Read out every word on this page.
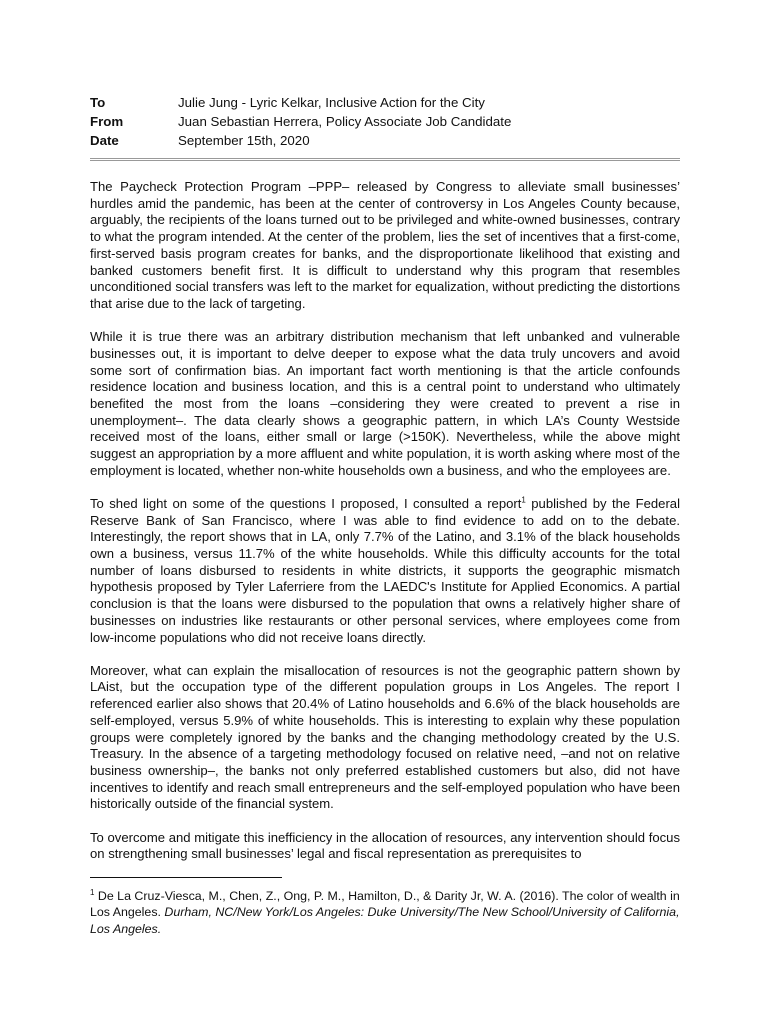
To	Julie Jung - Lyric Kelkar, Inclusive Action for the City
From	Juan Sebastian Herrera, Policy Associate Job Candidate
Date	September 15th, 2020

The Paycheck Protection Program –PPP– released by Congress to alleviate small businesses’ hurdles amid the pandemic, has been at the center of controversy in Los Angeles County because, arguably, the recipients of the loans turned out to be privileged and white-owned businesses, contrary to what the program intended. At the center of the problem, lies the set of incentives that a first-come, first-served basis program creates for banks, and the disproportionate likelihood that existing and banked customers benefit first. It is difficult to understand why this program that resembles unconditioned social transfers was left to the market for equalization, without predicting the distortions that arise due to the lack of targeting.

While it is true there was an arbitrary distribution mechanism that left unbanked and vulnerable businesses out, it is important to delve deeper to expose what the data truly uncovers and avoid some sort of confirmation bias. An important fact worth mentioning is that the article confounds residence location and business location, and this is a central point to understand who ultimately benefited the most from the loans –considering they were created to prevent a rise in unemployment–. The data clearly shows a geographic pattern, in which LA’s County Westside received most of the loans, either small or large (>150K). Nevertheless, while the above might suggest an appropriation by a more affluent and white population, it is worth asking where most of the employment is located, whether non-white households own a business, and who the employees are.

To shed light on some of the questions I proposed, I consulted a report$^1$ published by the Federal Reserve Bank of San Francisco, where I was able to find evidence to add on to the debate. Interestingly, the report shows that in LA, only 7.7% of the Latino, and 3.1% of the black households own a business, versus 11.7% of the white households. While this difficulty accounts for the total number of loans disbursed to residents in white districts, it supports the geographic mismatch hypothesis proposed by Tyler Laferriere from the LAEDC's Institute for Applied Economics. A partial conclusion is that the loans were disbursed to the population that owns a relatively higher share of businesses on industries like restaurants or other personal services, where employees come from low-income populations who did not receive loans directly.

Moreover, what can explain the misallocation of resources is not the geographic pattern shown by LAist, but the occupation type of the different population groups in Los Angeles. The report I referenced earlier also shows that 20.4% of Latino households and 6.6% of the black households are self-employed, versus 5.9% of white households. This is interesting to explain why these population groups were completely ignored by the banks and the changing methodology created by the U.S. Treasury. In the absence of a targeting methodology focused on relative need, –and not on relative business ownership–, the banks not only preferred established customers but also, did not have incentives to identify and reach small entrepreneurs and the self-employed population who have been historically outside of the financial system.

To overcome and mitigate this inefficiency in the allocation of resources, any intervention should focus on strengthening small businesses’ legal and fiscal representation as prerequisites to

$^1$ De La Cruz-Viesca, M., Chen, Z., Ong, P. M., Hamilton, D., & Darity Jr, W. A. (2016). The color of wealth in Los Angeles. Durham, NC/New York/Los Angeles: Duke University/The New School/University of California, Los Angeles.
